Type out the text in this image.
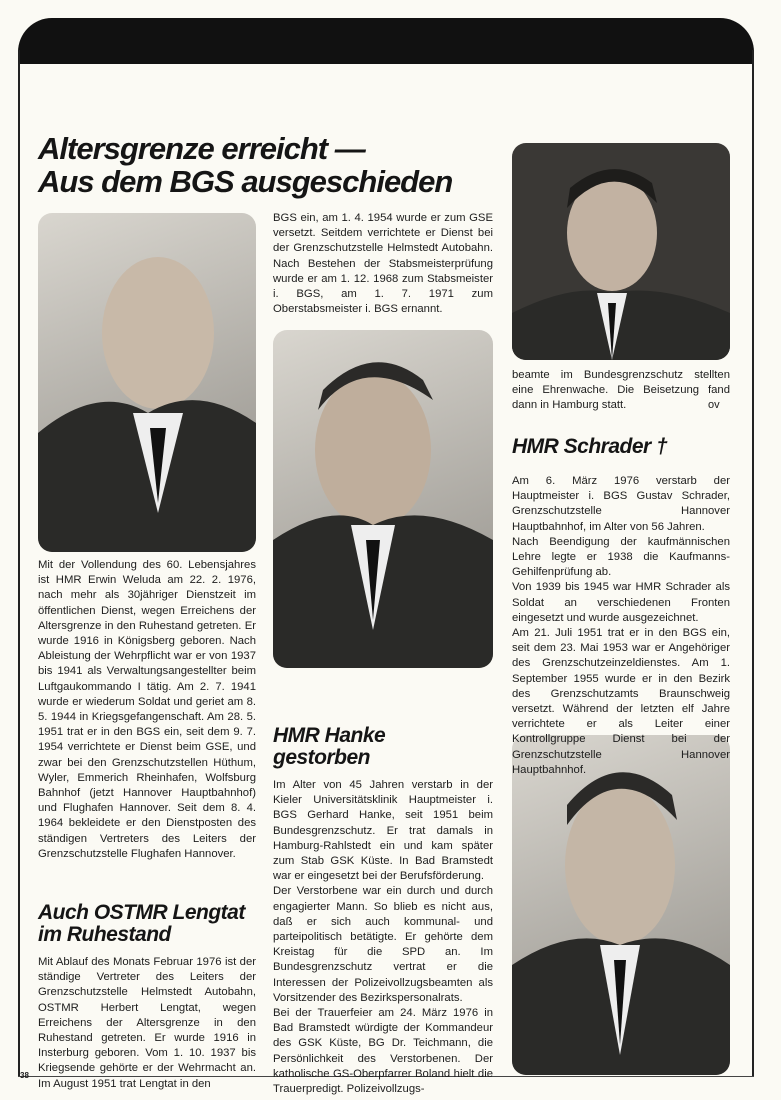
Altersgrenze erreicht —
Aus dem BGS ausgeschieden

Mit der Vollendung des 60. Lebensjahres ist HMR Erwin Weluda am 22. 2. 1976, nach mehr als 30jähriger Dienstzeit im öffentlichen Dienst, wegen Erreichens der Altersgrenze in den Ruhestand getreten. Er wurde 1916 in Königsberg geboren. Nach Ableistung der Wehrpflicht war er von 1937 bis 1941 als Verwaltungsangestellter beim Luftgaukommando I tätig. Am 2. 7. 1941 wurde er wiederum Soldat und geriet am 8. 5. 1944 in Kriegsgefangenschaft. Am 28. 5. 1951 trat er in den BGS ein, seit dem 9. 7. 1954 verrichtete er Dienst beim GSE, und zwar bei den Grenzschutzstellen Hüthum, Wyler, Emmerich Rheinhafen, Wolfsburg Bahnhof (jetzt Hannover Hauptbahnhof) und Flughafen Hannover. Seit dem 8. 4. 1964 bekleidete er den Dienstposten des ständigen Vertreters des Leiters der Grenzschutzstelle Flughafen Hannover.

Auch OSTMR Lengtat im Ruhestand

Mit Ablauf des Monats Februar 1976 ist der ständige Vertreter des Leiters der Grenzschutzstelle Helmstedt Autobahn, OSTMR Herbert Lengtat, wegen Erreichens der Altersgrenze in den Ruhestand getreten. Er wurde 1916 in Insterburg geboren. Vom 1. 10. 1937 bis Kriegsende gehörte er der Wehrmacht an. Im August 1951 trat Lengtat in den

38

BGS ein, am 1. 4. 1954 wurde er zum GSE versetzt. Seitdem verrichtete er Dienst bei der Grenzschutzstelle Helmstedt Autobahn. Nach Bestehen der Stabsmeisterprüfung wurde er am 1. 12. 1968 zum Stabsmeister i. BGS, am 1. 7. 1971 zum Oberstabsmeister i. BGS ernannt.

HMR Hanke gestorben

Im Alter von 45 Jahren verstarb in der Kieler Universitätsklinik Hauptmeister i. BGS Gerhard Hanke, seit 1951 beim Bundesgrenzschutz. Er trat damals in Hamburg-Rahlstedt ein und kam später zum Stab GSK Küste. In Bad Bramstedt war er eingesetzt bei der Berufsförderung.

Der Verstorbene war ein durch und durch engagierter Mann. So blieb es nicht aus, daß er sich auch kommunal- und parteipolitisch betätigte. Er gehörte dem Kreistag für die SPD an. Im Bundesgrenzschutz vertrat er die Interessen der Polizeivollzugsbeamten als Vorsitzender des Bezirkspersonalrats.

Bei der Trauerfeier am 24. März 1976 in Bad Bramstedt würdigte der Kommandeur des GSK Küste, BG Dr. Teichmann, die Persönlichkeit des Verstorbenen. Der katholische GS-Oberpfarrer Boland hielt die Trauerpredigt. Polizeivollzugs-

beamte im Bundesgrenzschutz stellten eine Ehrenwache. Die Beisetzung fand dann in Hamburg statt.	ov
HMR Schrader †

Am 6. März 1976 verstarb der Hauptmeister i. BGS Gustav Schrader, Grenzschutzstelle Hannover Hauptbahnhof, im Alter von 56 Jahren.

Nach Beendigung der kaufmännischen Lehre legte er 1938 die Kaufmanns-Gehilfenprüfung ab.

Von 1939 bis 1945 war HMR Schrader als Soldat an verschiedenen Fronten eingesetzt und wurde ausgezeichnet.

Am 21. Juli 1951 trat er in den BGS ein, seit dem 23. Mai 1953 war er Angehöriger des Grenzschutzeinzeldienstes. Am 1. September 1955 wurde er in den Bezirk des Grenzschutzamts Braunschweig versetzt. Während der letzten elf Jahre verrichtete er als Leiter einer Kontrollgruppe Dienst bei der Grenzschutzstelle Hannover Hauptbahnhof.
